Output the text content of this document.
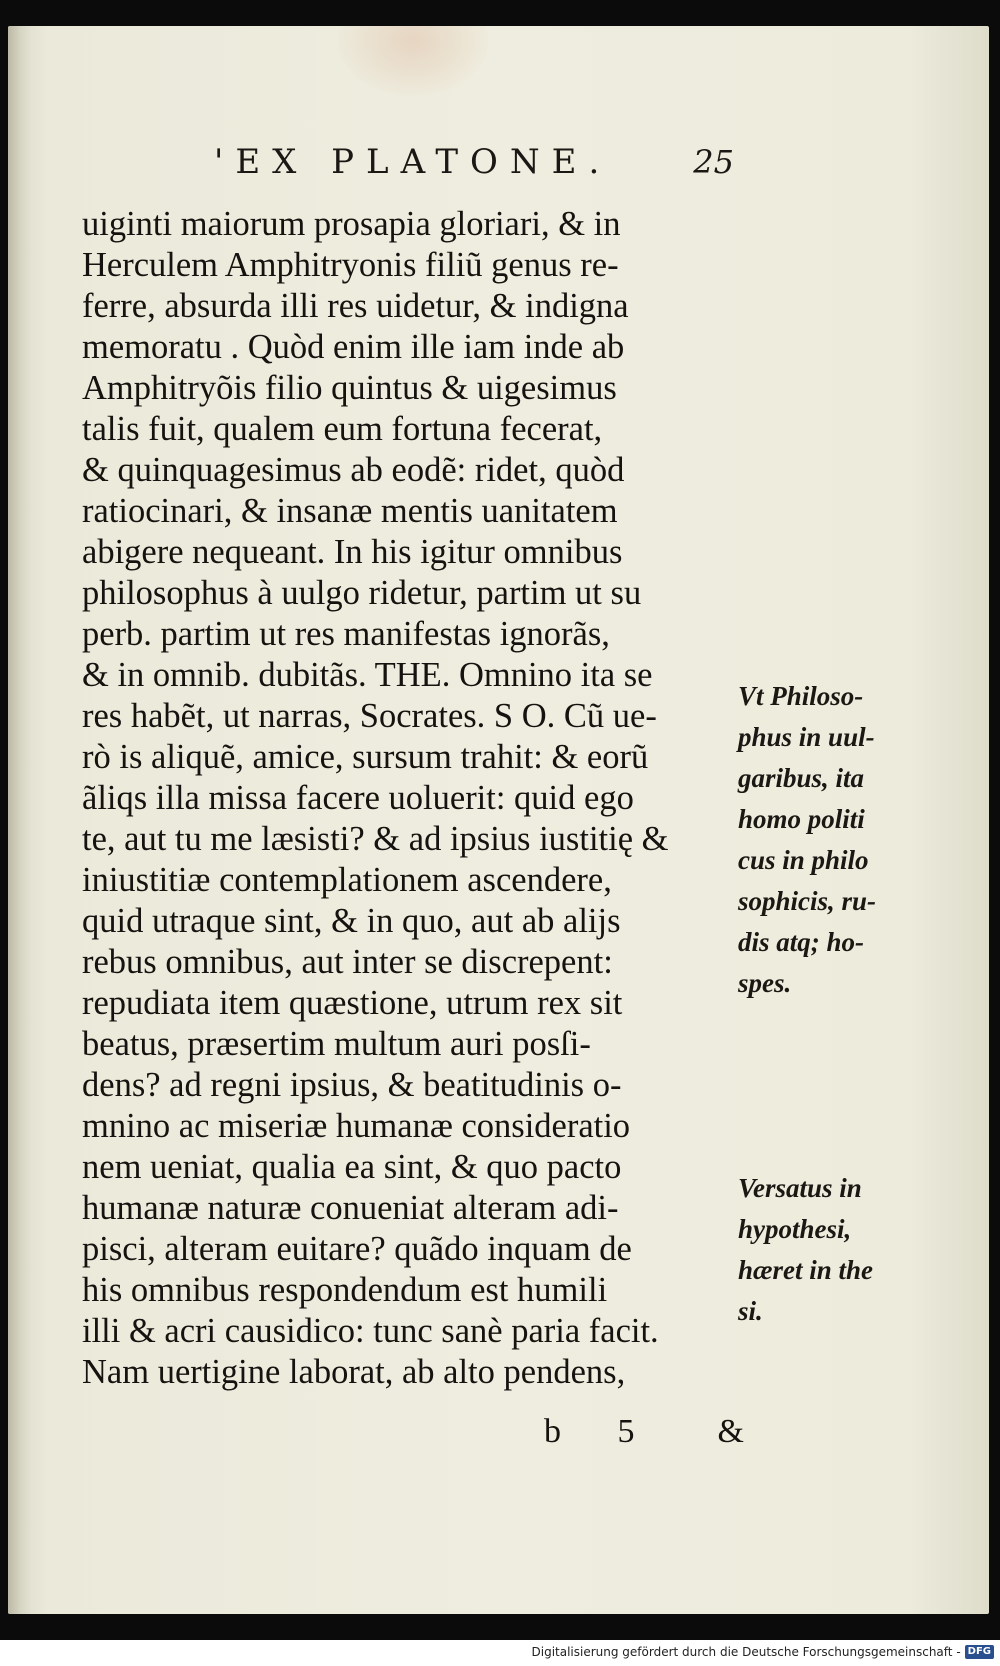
'EX PLATONE.	25
uiginti maiorum prosapia gloriari, & in
Herculem Amphitryonis filiũ genus re-
ferre, absurda illi res uidetur, & indigna
memoratu . Quòd enim ille iam inde ab
Amphitryõis filio quintus & uigesimus
talis fuit, qualem eum fortuna fecerat,
& quinquagesimus ab eodẽ: ridet, quòd
ratiocinari, & insanæ mentis uanitatem
abigere nequeant. In his igitur omnibus
philosophus à uulgo ridetur, partim ut su
perb. partim ut res manifestas ignorãs,
& in omnib. dubitãs. THE. Omnino ita se
res habẽt, ut narras, Socrates. S O. Cũ ue-
rò is aliquẽ, amice, sursum trahit: & eorũ
ãliqs illa missa facere uoluerit: quid ego
te, aut tu me læsisti? & ad ipsius iustitię &
iniustitiæ contemplationem ascendere,
quid utraque sint, & in quo, aut ab alijs
rebus omnibus, aut inter se discrepent:
repudiata item quæstione, utrum rex sit
beatus, præsertim multum auri posſi-
dens? ad regni ipsius, & beatitudinis o-
mnino ac miseriæ humanæ consideratio
nem ueniat, qualia ea sint, & quo pacto
humanæ naturæ conueniat alteram adi-
pisci, alteram euitare? quãdo inquam de
his omnibus respondendum est humili
illi & acri causidico: tunc sanè paria facit.
Nam uertigine laborat, ab alto pendens,
b 5 &
Vt Philoso-
phus in uul-
garibus, ita
homo politi
cus in philo
sophicis, ru-
dis atq; ho-
spes.
Versatus in
hypothesi,
hæret in the
si.
Digitalisierung gefördert durch die Deutsche Forschungsgemeinschaft - DFG
